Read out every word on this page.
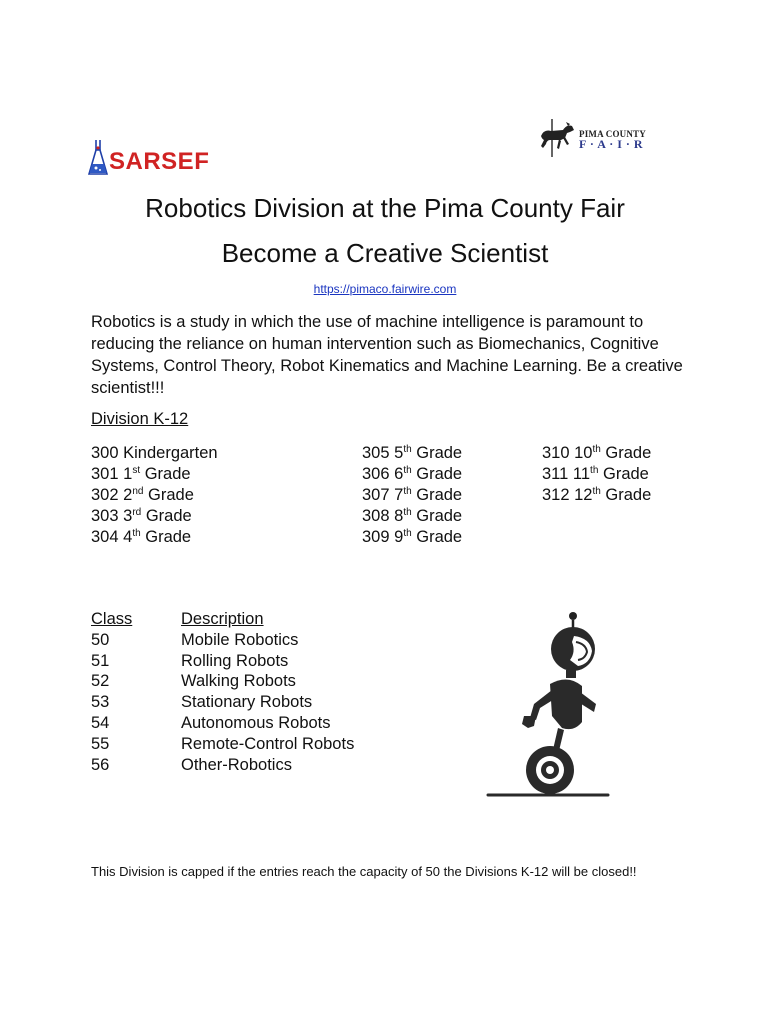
SARSEF
PIMA COUNTY
F · A · I · R
Robotics Division at the Pima County Fair
Become a Creative Scientist
https://pimaco.fairwire.com
Robotics is a study in which the use of machine intelligence is paramount to reducing the reliance on human intervention such as Biomechanics, Cognitive Systems, Control Theory, Robot Kinematics and Machine Learning. Be a creative scientist!!!
Division K-12
300 Kindergarten
301 1st Grade
302 2nd Grade
303 3rd Grade
304 4th Grade
305 5th Grade
306 6th Grade
307 7th Grade
308 8th Grade
309 9th Grade
310 10th Grade
311 11th Grade
312 12th Grade
Class	Description
50	Mobile Robotics
51	Rolling Robots
52	Walking Robots
53	Stationary Robots
54	Autonomous Robots
55	Remote-Control Robots
56	Other-Robotics
This Division is capped if the entries reach the capacity of 50 the Divisions K-12 will be closed!!
